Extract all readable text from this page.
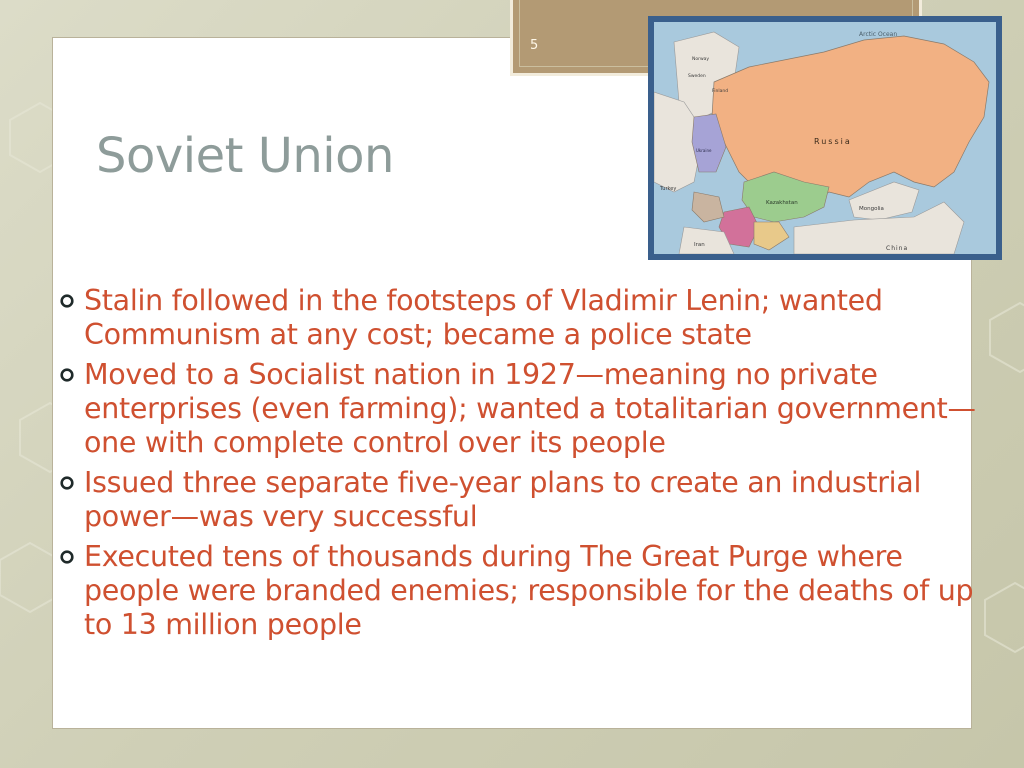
5
Soviet Union
Arctic Ocean
Russia
Kazakhstan
Mongolia
China
Iran
Turkey
Norway
Sweden
Finland
Ukraine
Stalin followed in the footsteps of Vladimir Lenin; wanted Communism at any cost; became a police state
Moved to a Socialist nation in 1927—meaning no private enterprises (even farming); wanted a totalitarian government—one with complete control over its people
Issued three separate five-year plans to create an industrial power—was very successful
Executed tens of thousands during The Great Purge where people were branded enemies; responsible for the deaths of up to 13 million people
